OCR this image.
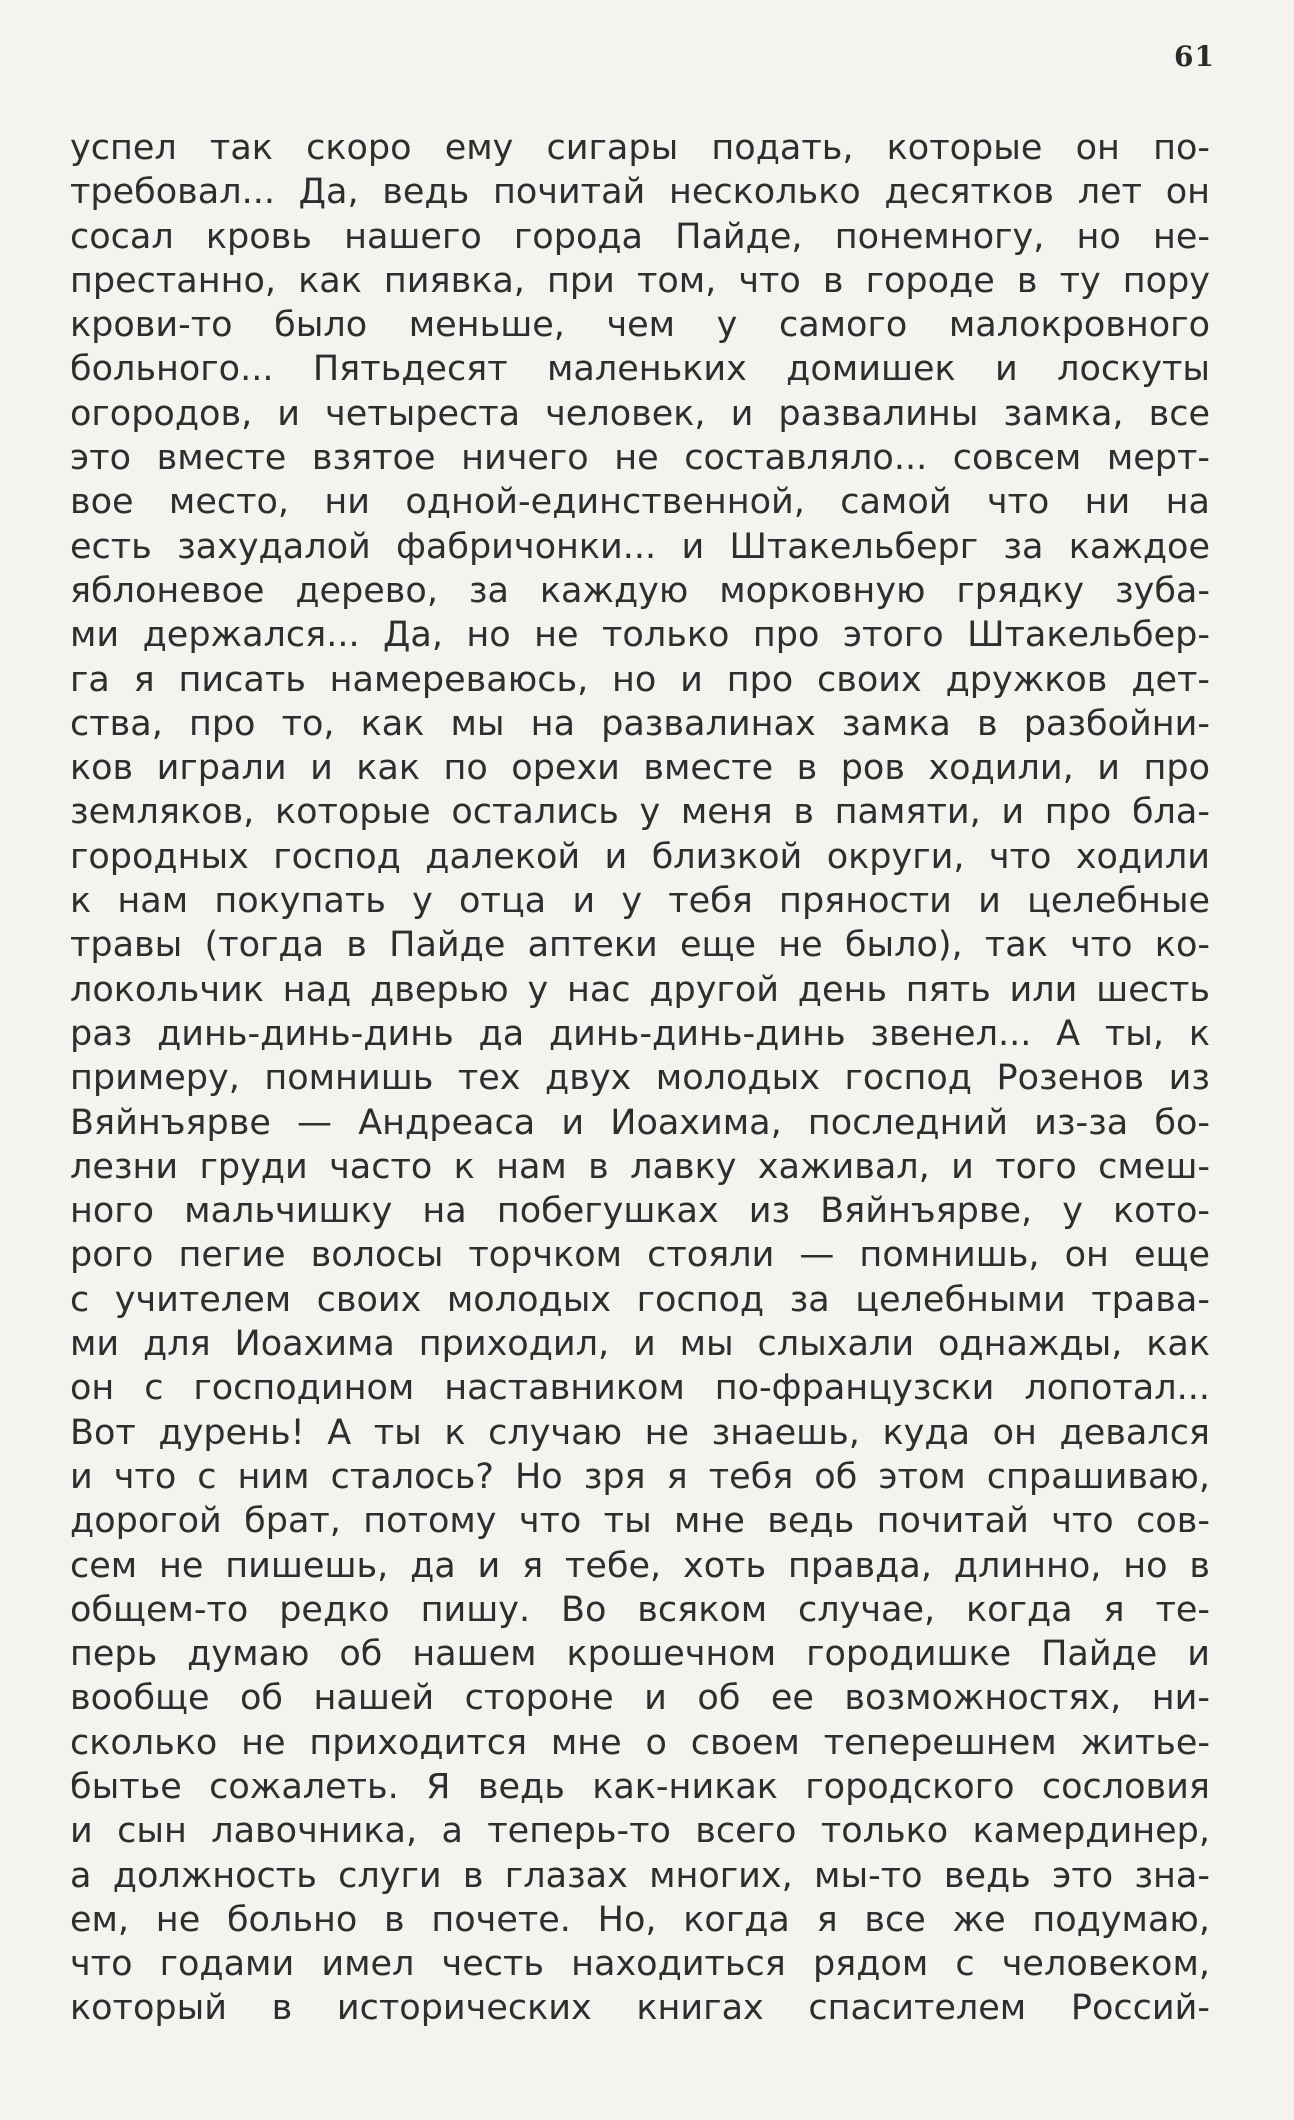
61
успел так скоро ему сигары подать, которые он по-
требовал... Да, ведь почитай несколько десятков лет он
сосал кровь нашего города Пайде, понемногу, но не-
престанно, как пиявка, при том, что в городе в ту пору
крови-то было меньше, чем у самого малокровного
больного... Пятьдесят маленьких домишек и лоскуты
огородов, и четыреста человек, и развалины замка, все
это вместе взятое ничего не составляло... совсем мерт-
вое место, ни одной-единственной, самой что ни на
есть захудалой фабричонки... и Штакельберг за каждое
яблоневое дерево, за каждую морковную грядку зуба-
ми держался... Да, но не только про этого Штакельбер-
га я писать намереваюсь, но и про своих дружков дет-
ства, про то, как мы на развалинах замка в разбойни-
ков играли и как по орехи вместе в ров ходили, и про
земляков, которые остались у меня в памяти, и про бла-
городных господ далекой и близкой округи, что ходили
к нам покупать у отца и у тебя пряности и целебные
травы (тогда в Пайде аптеки еще не было), так что ко-
локольчик над дверью у нас другой день пять или шесть
раз динь-динь-динь да динь-динь-динь звенел... А ты, к
примеру, помнишь тех двух молодых господ Розенов из
Вяйнъярве — Андреаса и Иоахима, последний из-за бо-
лезни груди часто к нам в лавку хаживал, и того смеш-
ного мальчишку на побегушках из Вяйнъярве, у кото-
рого пегие волосы торчком стояли — помнишь, он еще
с учителем своих молодых господ за целебными трава-
ми для Иоахима приходил, и мы слыхали однажды, как
он с господином наставником по-французски лопотал...
Вот дурень! А ты к случаю не знаешь, куда он девался
и что с ним сталось? Но зря я тебя об этом спрашиваю,
дорогой брат, потому что ты мне ведь почитай что сов-
сем не пишешь, да и я тебе, хоть правда, длинно, но в
общем-то редко пишу. Во всяком случае, когда я те-
перь думаю об нашем крошечном городишке Пайде и
вообще об нашей стороне и об ее возможностях, ни-
сколько не приходится мне о своем теперешнем житье-
бытье сожалеть. Я ведь как-никак городского сословия
и сын лавочника, а теперь-то всего только камердинер,
а должность слуги в глазах многих, мы-то ведь это зна-
ем, не больно в почете. Но, когда я все же подумаю,
что годами имел честь находиться рядом с человеком,
который в исторических книгах спасителем Россий-
